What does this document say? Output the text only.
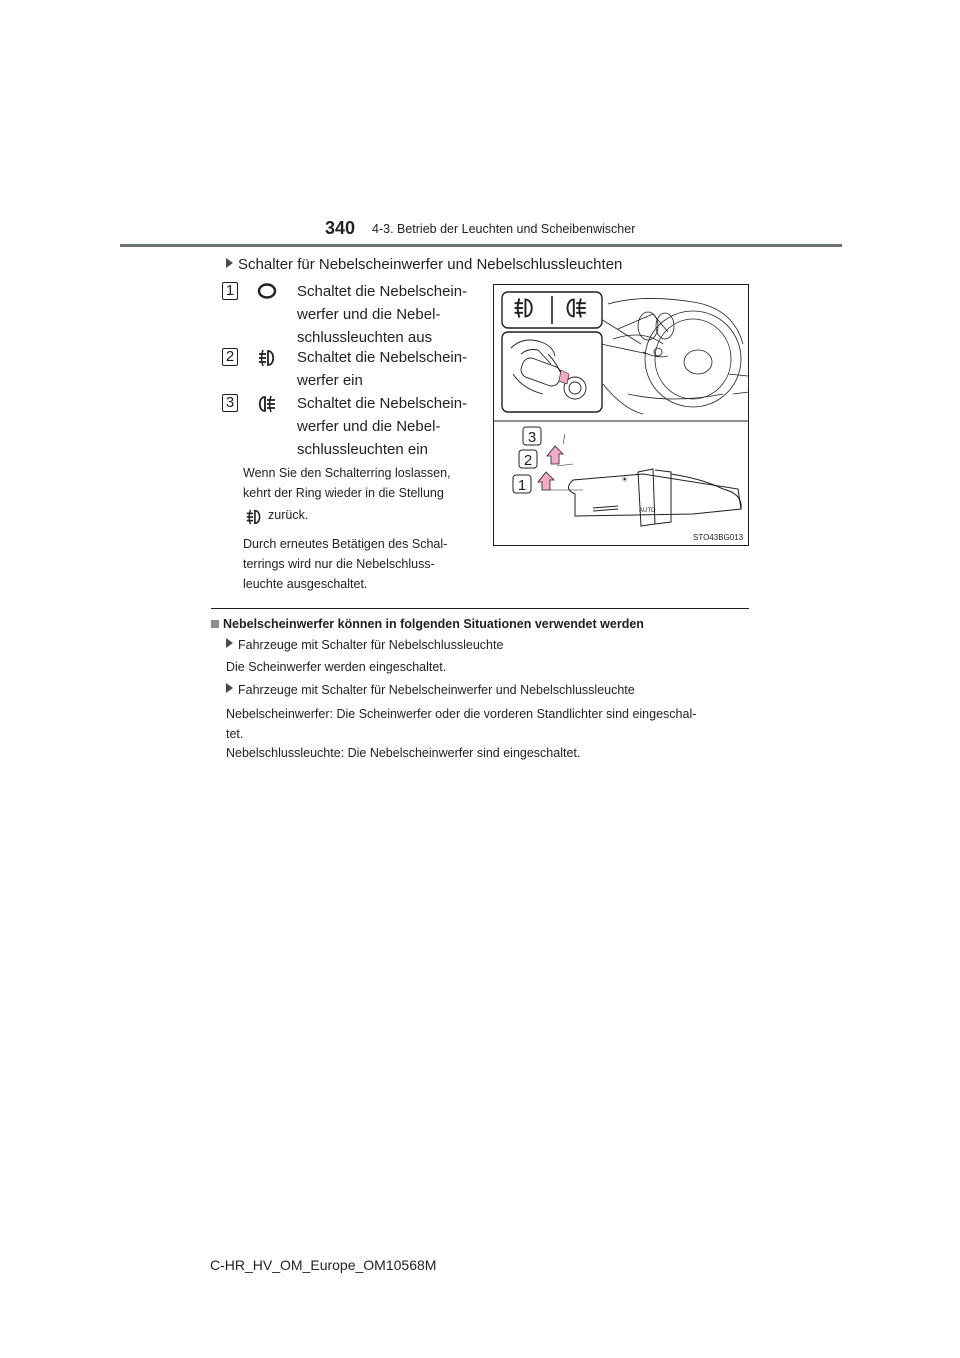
340 4-3. Betrieb der Leuchten und Scheibenwischer
Schalter für Nebelscheinwerfer und Nebelschlussleuchten
1	Schaltet die Nebelschein-
werfer und die Nebel-
schlussleuchten aus
2	Schaltet die Nebelschein-
werfer ein
3	Schaltet die Nebelschein-
werfer und die Nebel-
schlussleuchten ein
Wenn Sie den Schalterring loslassen,
kehrt der Ring wieder in die Stellung
zurück.
Durch erneutes Betätigen des Schal-
terrings wird nur die Nebelschluss-
leuchte ausgeschaltet.
☀
AUTO
3
2
1
STO43BG013
Nebelscheinwerfer können in folgenden Situationen verwendet werden
Fahrzeuge mit Schalter für Nebelschlussleuchte
Die Scheinwerfer werden eingeschaltet.
Fahrzeuge mit Schalter für Nebelscheinwerfer und Nebelschlussleuchte
Nebelscheinwerfer: Die Scheinwerfer oder die vorderen Standlichter sind eingeschal-
tet.
Nebelschlussleuchte: Die Nebelscheinwerfer sind eingeschaltet.
C-HR_HV_OM_Europe_OM10568M
